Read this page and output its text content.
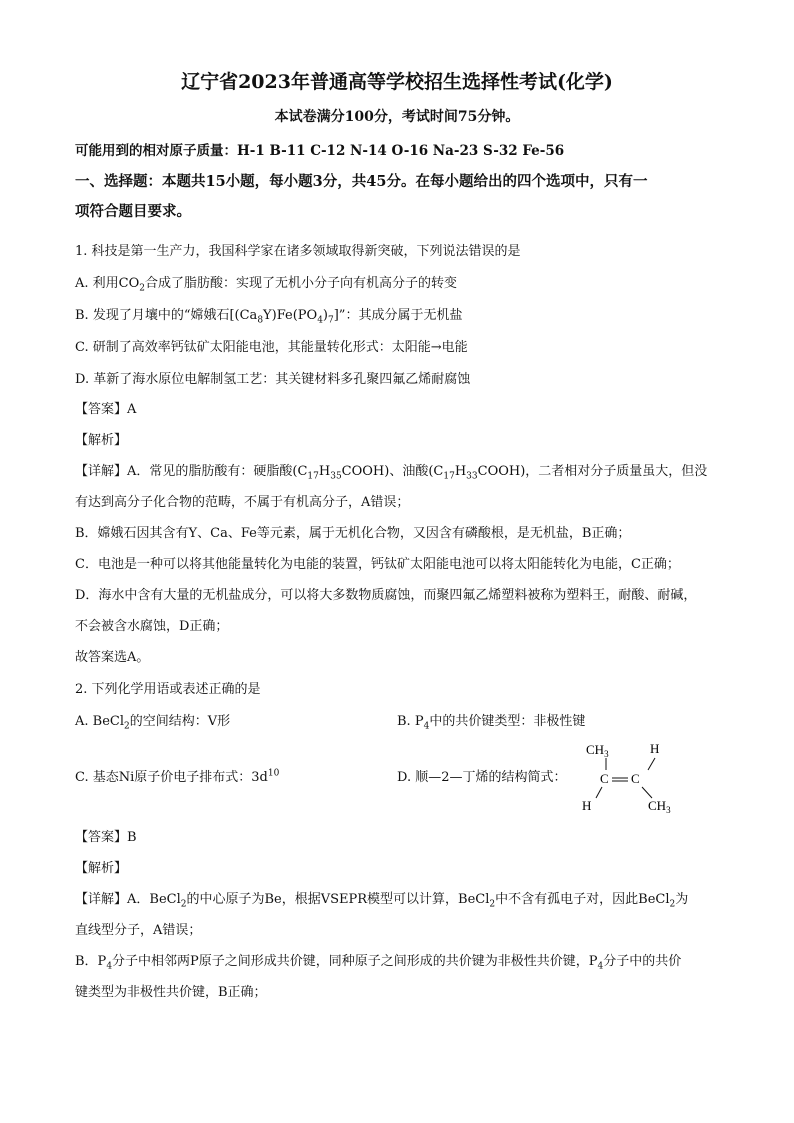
辽宁省2023年普通高等学校招生选择性考试(化学)
本试卷满分100分，考试时间75分钟。
可能用到的相对原子质量：H-1 B-11 C-12 N-14 O-16 Na-23 S-32 Fe-56
一、选择题：本题共15小题，每小题3分，共45分。在每小题给出的四个选项中，只有一
项符合题目要求。
1. 科技是第一生产力，我国科学家在诸多领域取得新突破，下列说法错误的是
A. 利用$CO_2$合成了脂肪酸：实现了无机小分子向有机高分子的转变
B. 发现了月壤中的“嫦娥石$[(Ca_8Y)Fe(PO_4)_7]$”：其成分属于无机盐
C. 研制了高效率钙钛矿太阳能电池，其能量转化形式：太阳能→电能
D. 革新了海水原位电解制氢工艺：其关键材料多孔聚四氟乙烯耐腐蚀
【答案】A
【解析】
【详解】A．常见的脂肪酸有：硬脂酸$(C_{17}H_{35}COOH)$、油酸$(C_{17}H_{33}COOH)$，二者相对分子质量虽大，但没
有达到高分子化合物的范畴，不属于有机高分子，A错误；
B．嫦娥石因其含有Y、Ca、Fe等元素，属于无机化合物，又因含有磷酸根，是无机盐，B正确；
C．电池是一种可以将其他能量转化为电能的装置，钙钛矿太阳能电池可以将太阳能转化为电能，C正确；
D．海水中含有大量的无机盐成分，可以将大多数物质腐蚀，而聚四氟乙烯塑料被称为塑料王，耐酸、耐碱，
不会被含水腐蚀，D正确；
故答案选A。
2. 下列化学用语或表述正确的是
A. BeCl$_2$的空间结构：V形	B. $P_4$中的共价键类型：非极性键
C. 基态Ni原子价电子排布式：$3d^{10}$	D. 顺—2—丁烯的结构简式：
$CH_3$	H
C C
H	$CH_3$
【答案】B
【解析】
【详解】A．BeCl$_2$的中心原子为Be，根据VSEPR模型可以计算，BeCl$_2$中不含有孤电子对，因此BeCl$_2$为
直线型分子，A错误；
B．$P_4$分子中相邻两P原子之间形成共价键，同种原子之间形成的共价键为非极性共价键，$P_4$分子中的共价
键类型为非极性共价键，B正确；
